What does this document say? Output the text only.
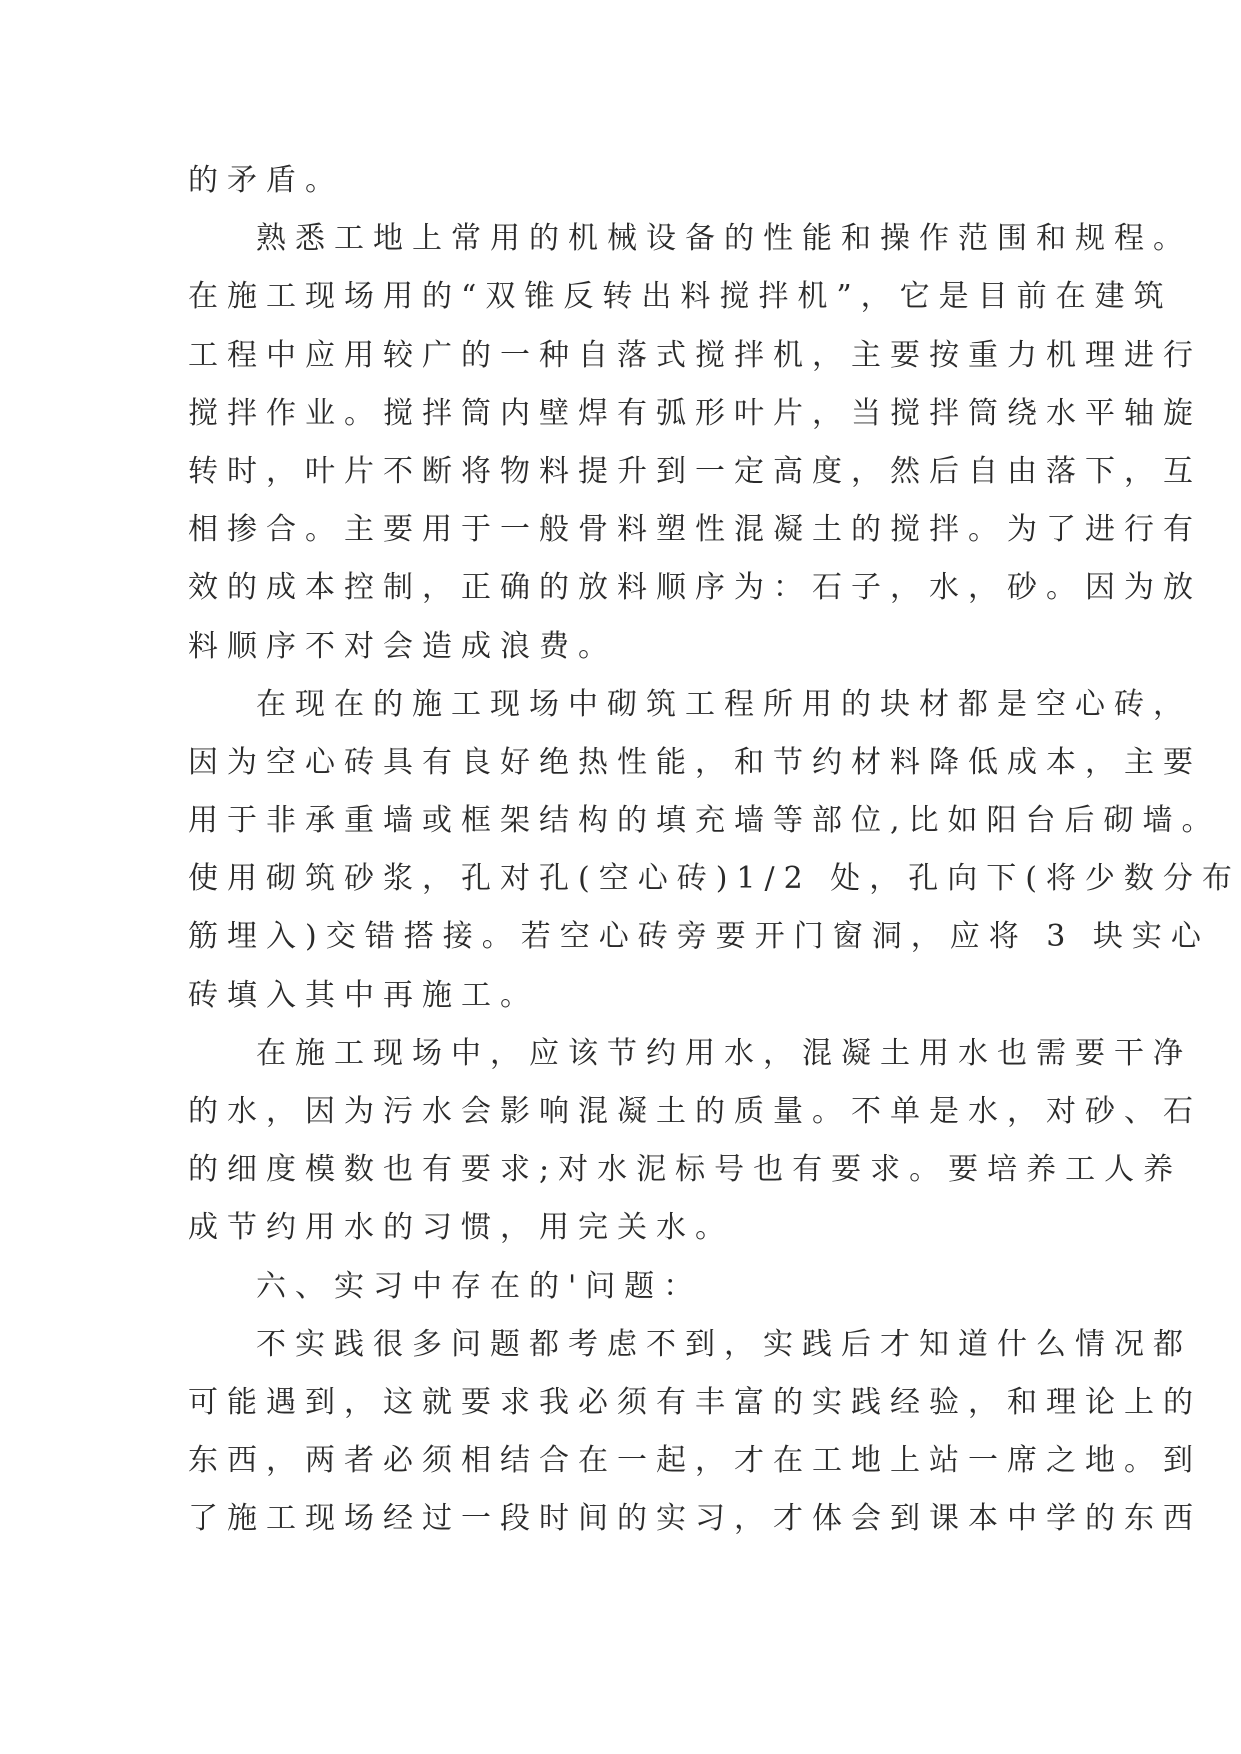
的矛盾。
熟悉工地上常用的机械设备的性能和操作范围和规程。
在施工现场用的“双锥反转出料搅拌机”，它是目前在建筑
工程中应用较广的一种自落式搅拌机，主要按重力机理进行
搅拌作业。搅拌筒内壁焊有弧形叶片，当搅拌筒绕水平轴旋
转时，叶片不断将物料提升到一定高度，然后自由落下，互
相掺合。主要用于一般骨料塑性混凝土的搅拌。为了进行有
效的成本控制，正确的放料顺序为：石子，水，砂。因为放
料顺序不对会造成浪费。
在现在的施工现场中砌筑工程所用的块材都是空心砖，
因为空心砖具有良好绝热性能，和节约材料降低成本，主要
用于非承重墙或框架结构的填充墙等部位,比如阳台后砌墙。
使用砌筑砂浆，孔对孔(空心砖)1/2 处，孔向下(将少数分布
筋埋入)交错搭接。若空心砖旁要开门窗洞，应将 3 块实心
砖填入其中再施工。
在施工现场中，应该节约用水，混凝土用水也需要干净
的水，因为污水会影响混凝土的质量。不单是水，对砂、石
的细度模数也有要求;对水泥标号也有要求。要培养工人养
成节约用水的习惯，用完关水。
六、实习中存在的'问题：
不实践很多问题都考虑不到，实践后才知道什么情况都
可能遇到，这就要求我必须有丰富的实践经验，和理论上的
东西，两者必须相结合在一起，才在工地上站一席之地。到
了施工现场经过一段时间的实习，才体会到课本中学的东西
